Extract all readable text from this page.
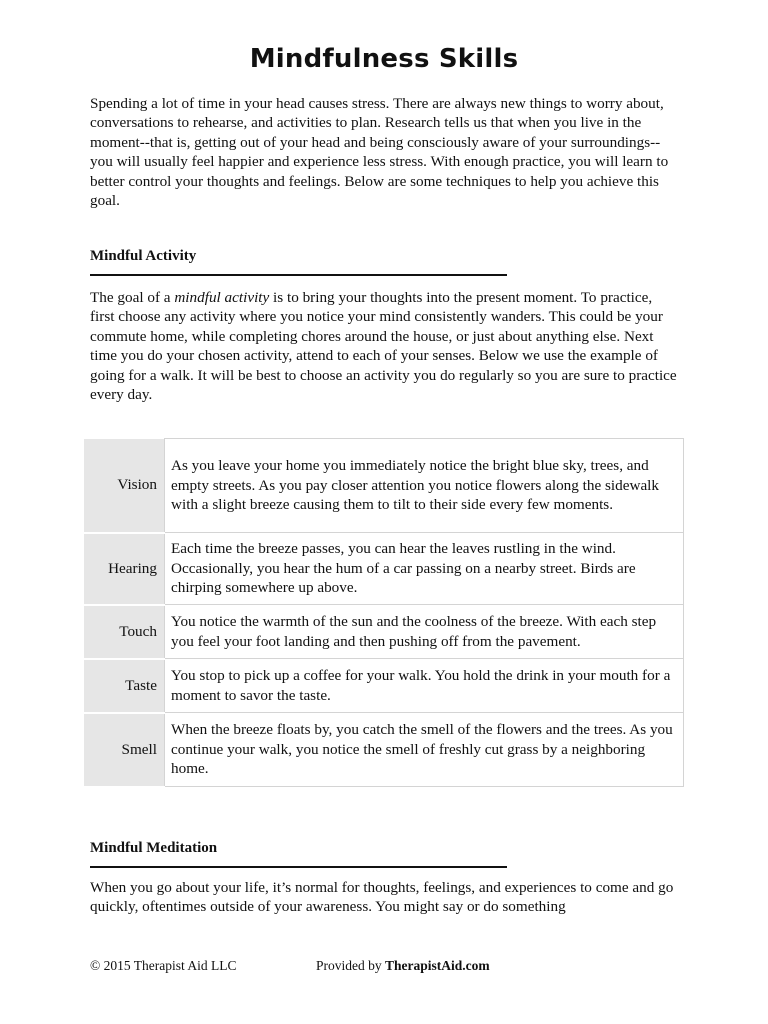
Mindfulness Skills

Spending a lot of time in your head causes stress. There are always new things to worry about, conversations to rehearse, and activities to plan. Research tells us that when you live in the moment--that is, getting out of your head and being consciously aware of your surroundings--you will usually feel happier and experience less stress. With enough practice, you will learn to better control your thoughts and feelings. Below are some techniques to help you achieve this goal.

Mindful Activity

The goal of a mindful activity is to bring your thoughts into the present moment. To practice, first choose any activity where you notice your mind consistently wanders. This could be your commute home, while completing chores around the house, or just about anything else. Next time you do your chosen activity, attend to each of your senses. Below we use the example of going for a walk. It will be best to choose an activity you do regularly so you are sure to practice every day.

Vision	As you leave your home you immediately notice the bright blue sky, trees, and empty streets. As you pay closer attention you notice flowers along the sidewalk with a slight breeze causing them to tilt to their side every few moments.
Hearing	Each time the breeze passes, you can hear the leaves rustling in the wind. Occasionally, you hear the hum of a car passing on a nearby street. Birds are chirping somewhere up above.
Touch	You notice the warmth of the sun and the coolness of the breeze. With each step you feel your foot landing and then pushing off from the pavement.
Taste	You stop to pick up a coffee for your walk. You hold the drink in your mouth for a moment to savor the taste.
Smell	When the breeze floats by, you catch the smell of the flowers and the trees. As you continue your walk, you notice the smell of freshly cut grass by a neighboring home.
Mindful Meditation

When you go about your life, it’s normal for thoughts, feelings, and experiences to come and go quickly, oftentimes outside of your awareness. You might say or do something

© 2015 Therapist Aid LLC	Provided by TherapistAid.com
